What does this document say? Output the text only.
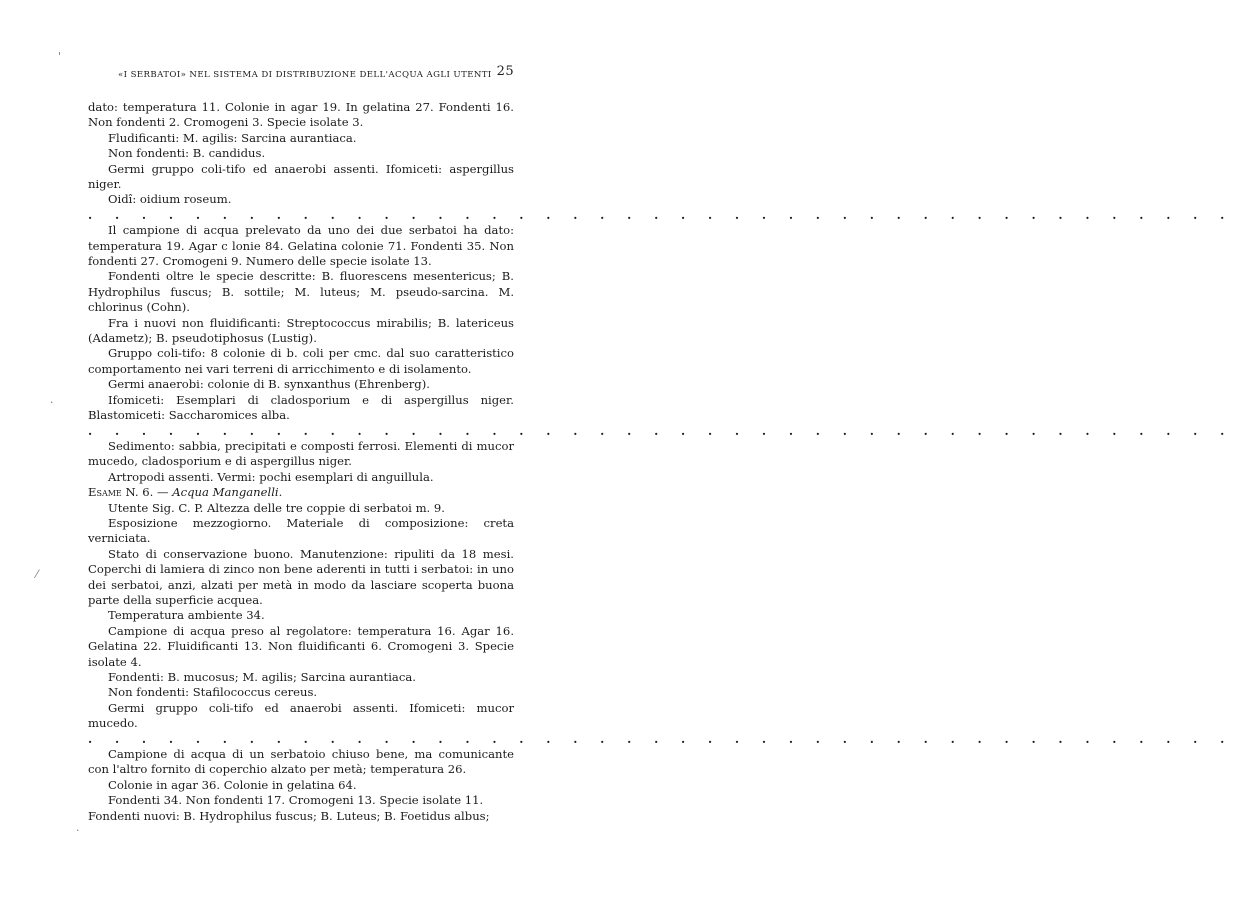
'
·
⁄
·
«I SERBATOI» NEL SISTEMA DI DISTRIBUZIONE DELL'ACQUA AGLI UTENTI 25

dato: temperatura 11. Colonie in agar 19. In gelatina 27. Fondenti 16. Non fondenti 2. Cromogeni 3. Specie isolate 3.

Fludificanti: M. agilis: Sarcina aurantiaca.

Non fondenti: B. candidus.

Germi gruppo coli-tifo ed anaerobi assenti. Ifomiceti: aspergillus niger.

Oidî: oidium roseum.

. . . . . . . . . . . . . . . . . . . . . . . . . . . . . . . . . . . . . . . . . . .

Il campione di acqua prelevato da uno dei due serbatoi ha dato: temperatura 19. Agar c lonie 84. Gelatina colonie 71. Fondenti 35. Non fondenti 27. Cromogeni 9. Numero delle specie isolate 13.

Fondenti oltre le specie descritte: B. fluorescens mesentericus; B. Hydrophilus fuscus; B. sottile; M. luteus; M. pseudo-sarcina. M. chlorinus (Cohn).

Fra i nuovi non fluidificanti: Streptococcus mirabilis; B. latericeus (Adametz); B. pseudotiphosus (Lustig).

Gruppo coli-tifo: 8 colonie di b. coli per cmc. dal suo caratteristico comportamento nei vari terreni di arricchimento e di isolamento.

Germi anaerobi: colonie di B. synxanthus (Ehrenberg).

Ifomiceti: Esemplari di cladosporium e di aspergillus niger. Blastomiceti: Saccharomices alba.

. . . . . . . . . . . . . . . . . . . . . . . . . . . . . . . . . . . . . . . . . . .

Sedimento: sabbia, precipitati e composti ferrosi. Elementi di mucor mucedo, cladosporium e di aspergillus niger.

Artropodi assenti. Vermi: pochi esemplari di anguillula.

Esame N. 6. — Acqua Manganelli.

Utente Sig. C. P. Altezza delle tre coppie di serbatoi m. 9.

Esposizione mezzogiorno. Materiale di composizione: creta verniciata.

Stato di conservazione buono. Manutenzione: ripuliti da 18 mesi. Coperchi di lamiera di zinco non bene aderenti in tutti i serbatoi: in uno dei serbatoi, anzi, alzati per metà in modo da lasciare scoperta buona parte della superficie acquea.

Temperatura ambiente 34.

Campione di acqua preso al regolatore: temperatura 16. Agar 16. Gelatina 22. Fluidificanti 13. Non fluidificanti 6. Cromogeni 3. Specie isolate 4.

Fondenti: B. mucosus; M. agilis; Sarcina aurantiaca.

Non fondenti: Stafilococcus cereus.

Germi gruppo coli-tifo ed anaerobi assenti. Ifomiceti: mucor mucedo.

. . . . . . . . . . . . . . . . . . . . . . . . . . . . . . . . . . . . . . . . . . .

Campione di acqua di un serbatoio chiuso bene, ma comunicante con l'altro fornito di coperchio alzato per metà; temperatura 26.

Colonie in agar 36. Colonie in gelatina 64.

Fondenti 34. Non fondenti 17. Cromogeni 13. Specie isolate 11.

Fondenti nuovi: B. Hydrophilus fuscus; B. Luteus; B. Foetidus albus;
